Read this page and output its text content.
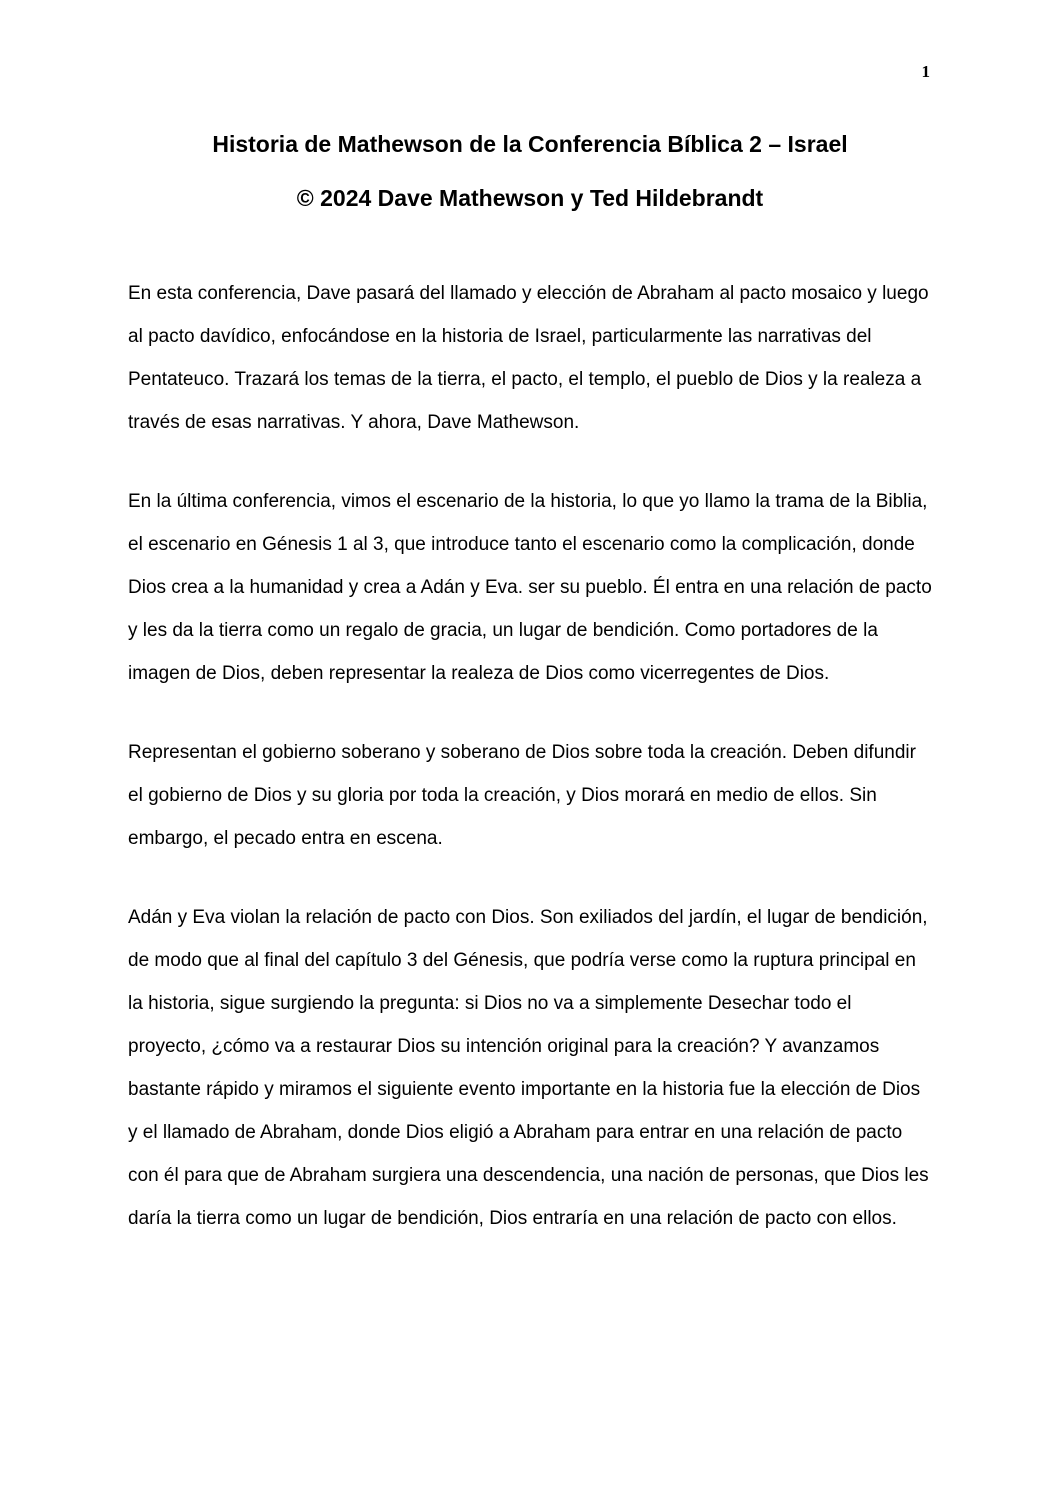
1
Historia de Mathewson de la Conferencia Bíblica 2 – Israel
© 2024 Dave Mathewson y Ted Hildebrandt

En esta conferencia, Dave pasará del llamado y elección de Abraham al pacto mosaico y luego al pacto davídico, enfocándose en la historia de Israel, particularmente las narrativas del Pentateuco. Trazará los temas de la tierra, el pacto, el templo, el pueblo de Dios y la realeza a través de esas narrativas. Y ahora, Dave Mathewson.

En la última conferencia, vimos el escenario de la historia, lo que yo llamo la trama de la Biblia, el escenario en Génesis 1 al 3, que introduce tanto el escenario como la complicación, donde Dios crea a la humanidad y crea a Adán y Eva. ser su pueblo. Él entra en una relación de pacto y les da la tierra como un regalo de gracia, un lugar de bendición. Como portadores de la imagen de Dios, deben representar la realeza de Dios como vicerregentes de Dios.

Representan el gobierno soberano y soberano de Dios sobre toda la creación. Deben difundir el gobierno de Dios y su gloria por toda la creación, y Dios morará en medio de ellos. Sin embargo, el pecado entra en escena.

Adán y Eva violan la relación de pacto con Dios. Son exiliados del jardín, el lugar de bendición, de modo que al final del capítulo 3 del Génesis, que podría verse como la ruptura principal en la historia, sigue surgiendo la pregunta: si Dios no va a simplemente Desechar todo el proyecto, ¿cómo va a restaurar Dios su intención original para la creación? Y avanzamos bastante rápido y miramos el siguiente evento importante en la historia fue la elección de Dios y el llamado de Abraham, donde Dios eligió a Abraham para entrar en una relación de pacto con él para que de Abraham surgiera una descendencia, una nación de personas, que Dios les daría la tierra como un lugar de bendición, Dios entraría en una relación de pacto con ellos.
